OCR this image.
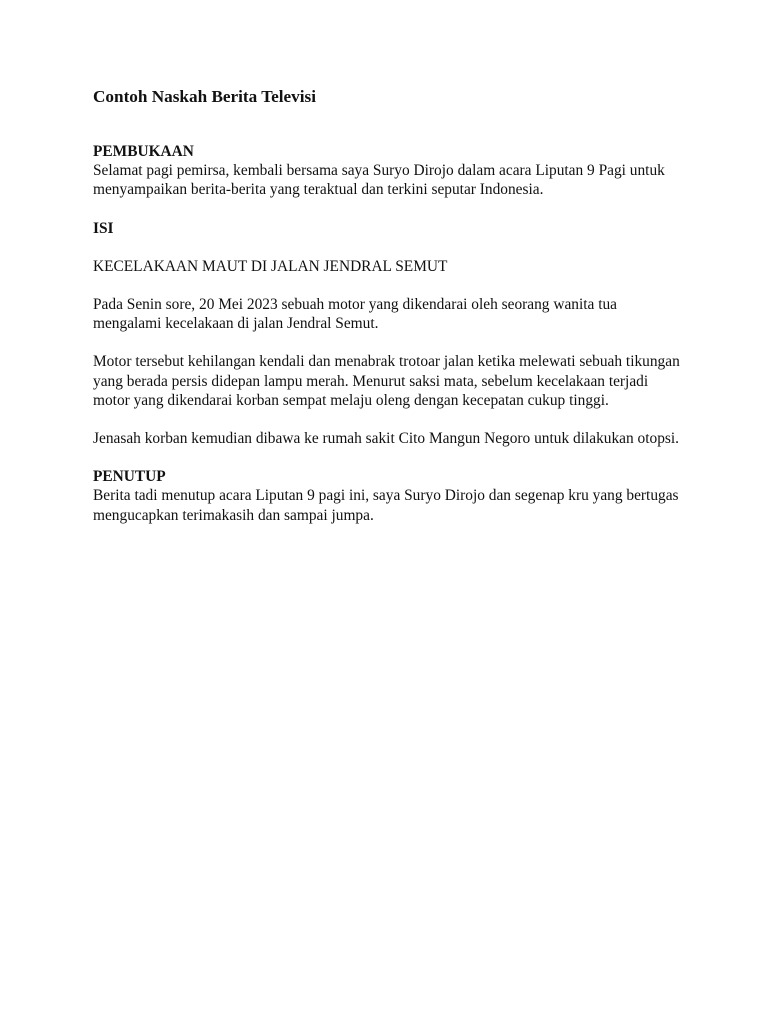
Contoh Naskah Berita Televisi

PEMBUKAAN

Selamat pagi pemirsa, kembali bersama saya Suryo Dirojo dalam acara Liputan 9 Pagi untuk menyampaikan berita-berita yang teraktual dan terkini seputar Indonesia.

ISI

KECELAKAAN MAUT DI JALAN JENDRAL SEMUT

Pada Senin sore, 20 Mei 2023 sebuah motor yang dikendarai oleh seorang wanita tua mengalami kecelakaan di jalan Jendral Semut.

Motor tersebut kehilangan kendali dan menabrak trotoar jalan ketika melewati sebuah tikungan yang berada persis didepan lampu merah. Menurut saksi mata, sebelum kecelakaan terjadi motor yang dikendarai korban sempat melaju oleng dengan kecepatan cukup tinggi.

Jenasah korban kemudian dibawa ke rumah sakit Cito Mangun Negoro untuk dilakukan otopsi.

PENUTUP

Berita tadi menutup acara Liputan 9 pagi ini, saya Suryo Dirojo dan segenap kru yang bertugas mengucapkan terimakasih dan sampai jumpa.
